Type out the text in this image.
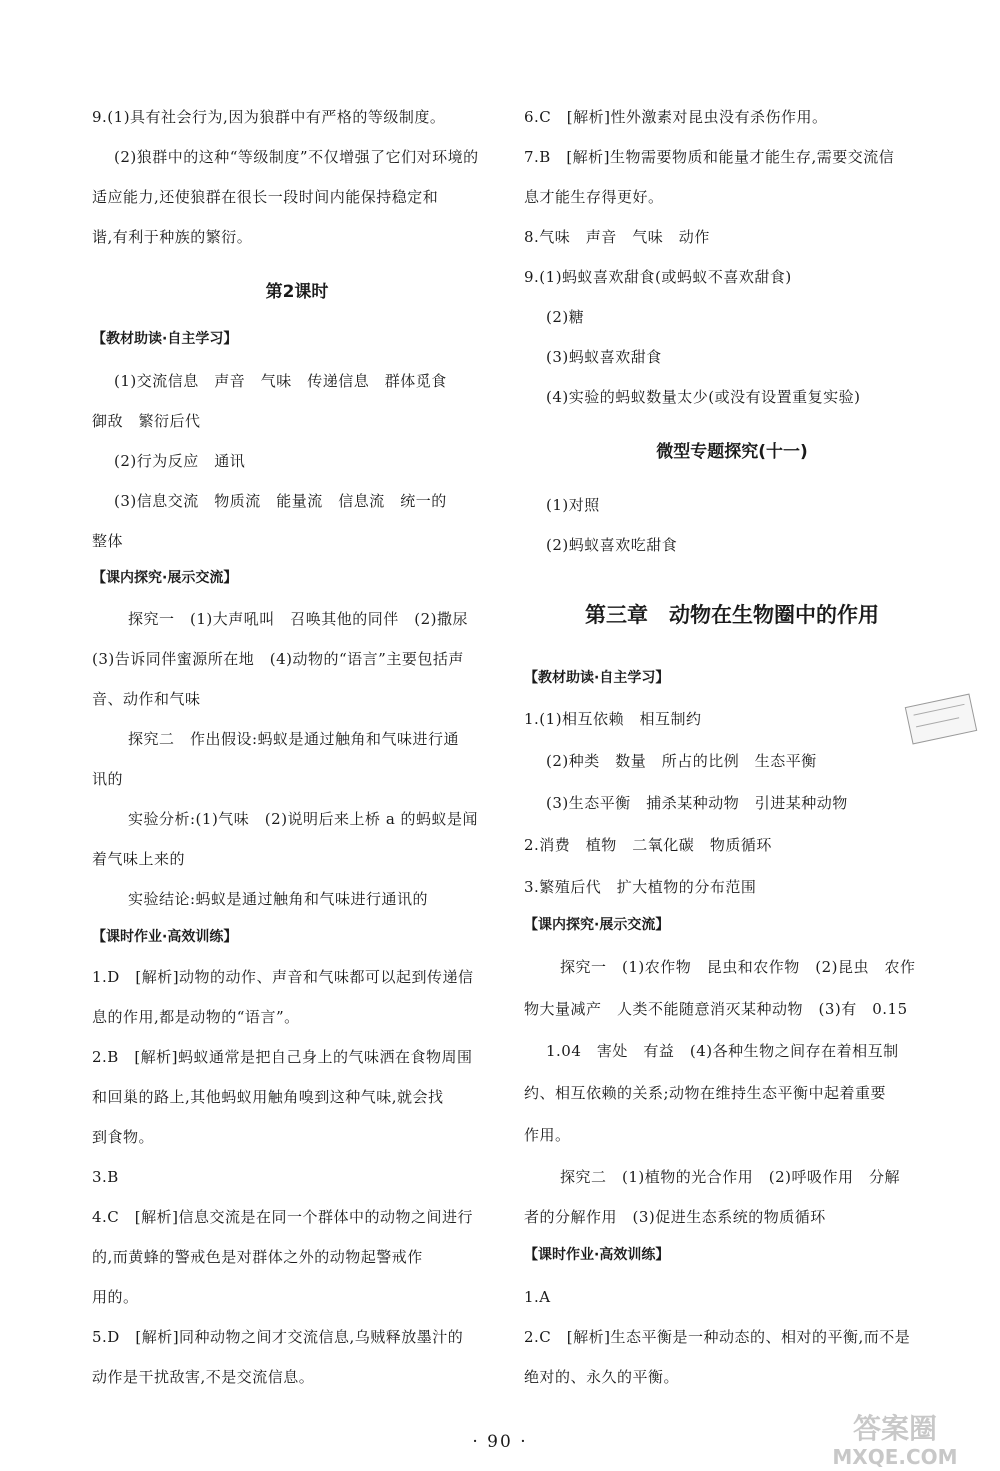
9.(1)具有社会行为,因为狼群中有严格的等级制度。
(2)狼群中的这种“等级制度”不仅增强了它们对环境的
适应能力,还使狼群在很长一段时间内能保持稳定和
谐,有利于种族的繁衍。
第2课时
【教材助读·自主学习】
(1)交流信息　声音　气味　传递信息　群体觅食
御敌　繁衍后代
(2)行为反应　通讯
(3)信息交流　物质流　能量流　信息流　统一的
整体
【课内探究·展示交流】
探究一　(1)大声吼叫　召唤其他的同伴　(2)撒尿
(3)告诉同伴蜜源所在地　(4)动物的“语言”主要包括声
音、动作和气味
探究二　作出假设:蚂蚁是通过触角和气味进行通
讯的
实验分析:(1)气味　(2)说明后来上桥 a 的蚂蚁是闻
着气味上来的
实验结论:蚂蚁是通过触角和气味进行通讯的
【课时作业·高效训练】
1.D　[解析]动物的动作、声音和气味都可以起到传递信
息的作用,都是动物的“语言”。
2.B　[解析]蚂蚁通常是把自己身上的气味洒在食物周围
和回巢的路上,其他蚂蚁用触角嗅到这种气味,就会找
到食物。
3.B
4.C　[解析]信息交流是在同一个群体中的动物之间进行
的,而黄蜂的警戒色是对群体之外的动物起警戒作
用的。
5.D　[解析]同种动物之间才交流信息,乌贼释放墨汁的
动作是干扰敌害,不是交流信息。
6.C　[解析]性外激素对昆虫没有杀伤作用。
7.B　[解析]生物需要物质和能量才能生存,需要交流信
息才能生存得更好。
8.气味　声音　气味　动作
9.(1)蚂蚁喜欢甜食(或蚂蚁不喜欢甜食)
(2)糖
(3)蚂蚁喜欢甜食
(4)实验的蚂蚁数量太少(或没有设置重复实验)
微型专题探究(十一)
(1)对照
(2)蚂蚁喜欢吃甜食
第三章　动物在生物圈中的作用
【教材助读·自主学习】
1.(1)相互依赖　相互制约
(2)种类　数量　所占的比例　生态平衡
(3)生态平衡　捕杀某种动物　引进某种动物
2.消费　植物　二氧化碳　物质循环
3.繁殖后代　扩大植物的分布范围
【课内探究·展示交流】
探究一　(1)农作物　昆虫和农作物　(2)昆虫　农作
物大量减产　人类不能随意消灭某种动物　(3)有　0.15
1.04　害处　有益　(4)各种生物之间存在着相互制
约、相互依赖的关系;动物在维持生态平衡中起着重要
作用。
探究二　(1)植物的光合作用　(2)呼吸作用　分解
者的分解作用　(3)促进生态系统的物质循环
【课时作业·高效训练】
1.A
2.C　[解析]生态平衡是一种动态的、相对的平衡,而不是
绝对的、永久的平衡。
· 90 ·	答案圈
MXQE.COM
